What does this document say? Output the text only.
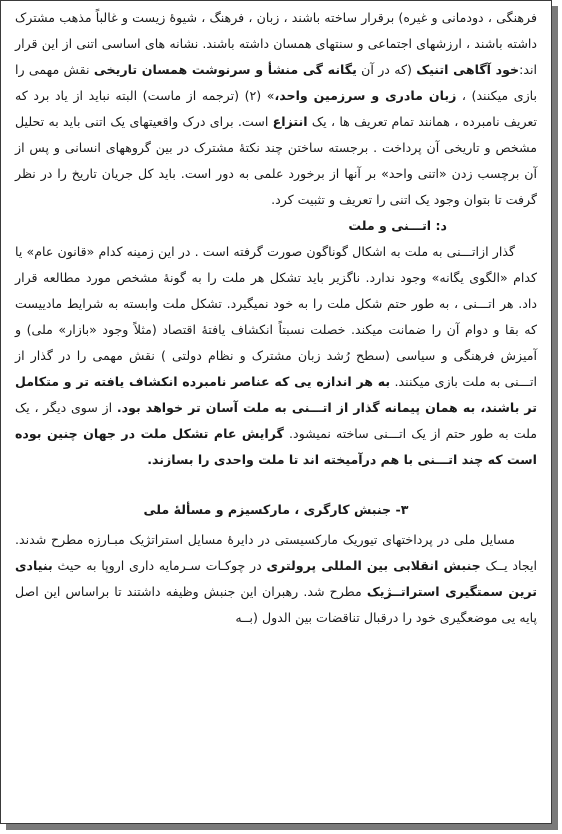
فرهنگی ، دودمانی و غیره) برقرار ساخته باشند ، زبان ، فرهنگ ، شیوهٔ زیست و غالباً مذهب مشترک داشته باشند ، ارزشهای اجتماعی و سنتهای همسان داشته باشند. نشانه های اساسی اتنی از این قرار اند:خود آگاهی اتنیک (که در آن یگانه گی منشأ و سرنوشت همسان تاریخی نقش مهمی را بازی میکنند) ، زبان مادری و سرزمین واحد،» (۲) (ترجمه از ماست) البته نباید از یاد برد که تعریف نامبرده ، همانند تمام تعریف ها ، یک انتزاع است. برای درک واقعیتهای یک اتنی باید به تحلیل مشخص و تاریخی آن پرداخت . برجسته ساختن چند نکتهٔ مشترک در بین گروههای انسانی و پس از آن برچسب زدن «اتنی واحد» بر آنها از برخورد علمی به دور است. باید کل جریان تاریخ را در نظر گرفت تا بتوان وجود یک اتنی را تعریف و تثبیت کرد.

د: اتـــنی و ملت

گذار ازاتـــنی به ملت به اشکال گوناگون صورت گرفته است . در این زمینه کدام «قانون عام» یا کدام «الگوی یگانه» وجود ندارد. ناگزیر باید تشکل هر ملت را به گونهٔ مشخص مورد مطالعه قرار داد. هر اتـــنی ، به طور حتم شکل ملت را به خود نمیگیرد. تشکل ملت وابسته به شرایط مادییست که بقا و دوام آن را ضمانت میکند. خصلت نسبتاً انکشاف یافتهٔ اقتصاد (مثلاً وجود «بازار» ملی) و آمیزش فرهنگی و سیاسی (سطح رُشد زبان مشترک و نظام دولتی ) نقش مهمی را در گذار از اتـــنی به ملت بازی میکنند. به هر اندازه یی که عناصر نامبرده انکشاف یافته تر و متکامل تر باشند، به همان پیمانه گذار از اتـــنی به ملت آسان تر خواهد بود. از سوی دیگر ، یک ملت به طور حتم از یک اتـــنی ساخته نمیشود. گرایش عام تشکل ملت در جهان چنین بوده است که چند اتـــنی با هم درآمیخته اند تا ملت واحدی را بسازند.

۳- جنبش کارگری ، مارکسیزم و مسألهٔ ملی

مسایل ملی در پرداختهای تیوریک مارکسیستی در دایرهٔ مسایل استراتژیک مبـارزه مطرح شدند. ایجاد یــک جنبش انقلابی بین المللی پرولتری در چوکـات سـرمایه داری اروپا به حیث بنیادی ترین سمتگیری استراتــژیک مطرح شد. رهبران این جنبش وظیفه داشتند تا براساس این اصل پایه یی موضعگیری خود را درقبال تناقضات بین الدول (بــه
